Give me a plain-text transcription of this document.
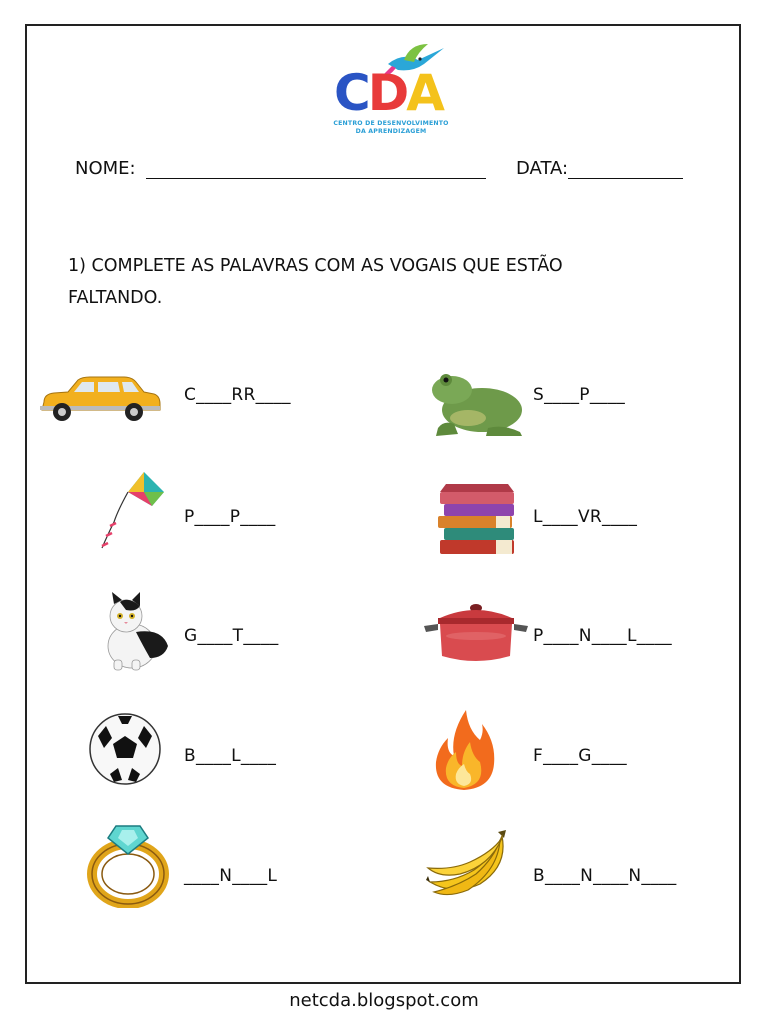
CDA
CENTRO DE DESENVOLVIMENTO
DA APRENDIZAGEM
NOME:	DATA:
1) COMPLETE AS PALAVRAS COM AS VOGAIS QUE ESTÃO
FALTANDO.
C____RR____	S____P____
P____P____	L____VR____
G____T____	P____N____L____
B____L____	F____G____
____N____L	B____N____N____
netcda.blogspot.com
